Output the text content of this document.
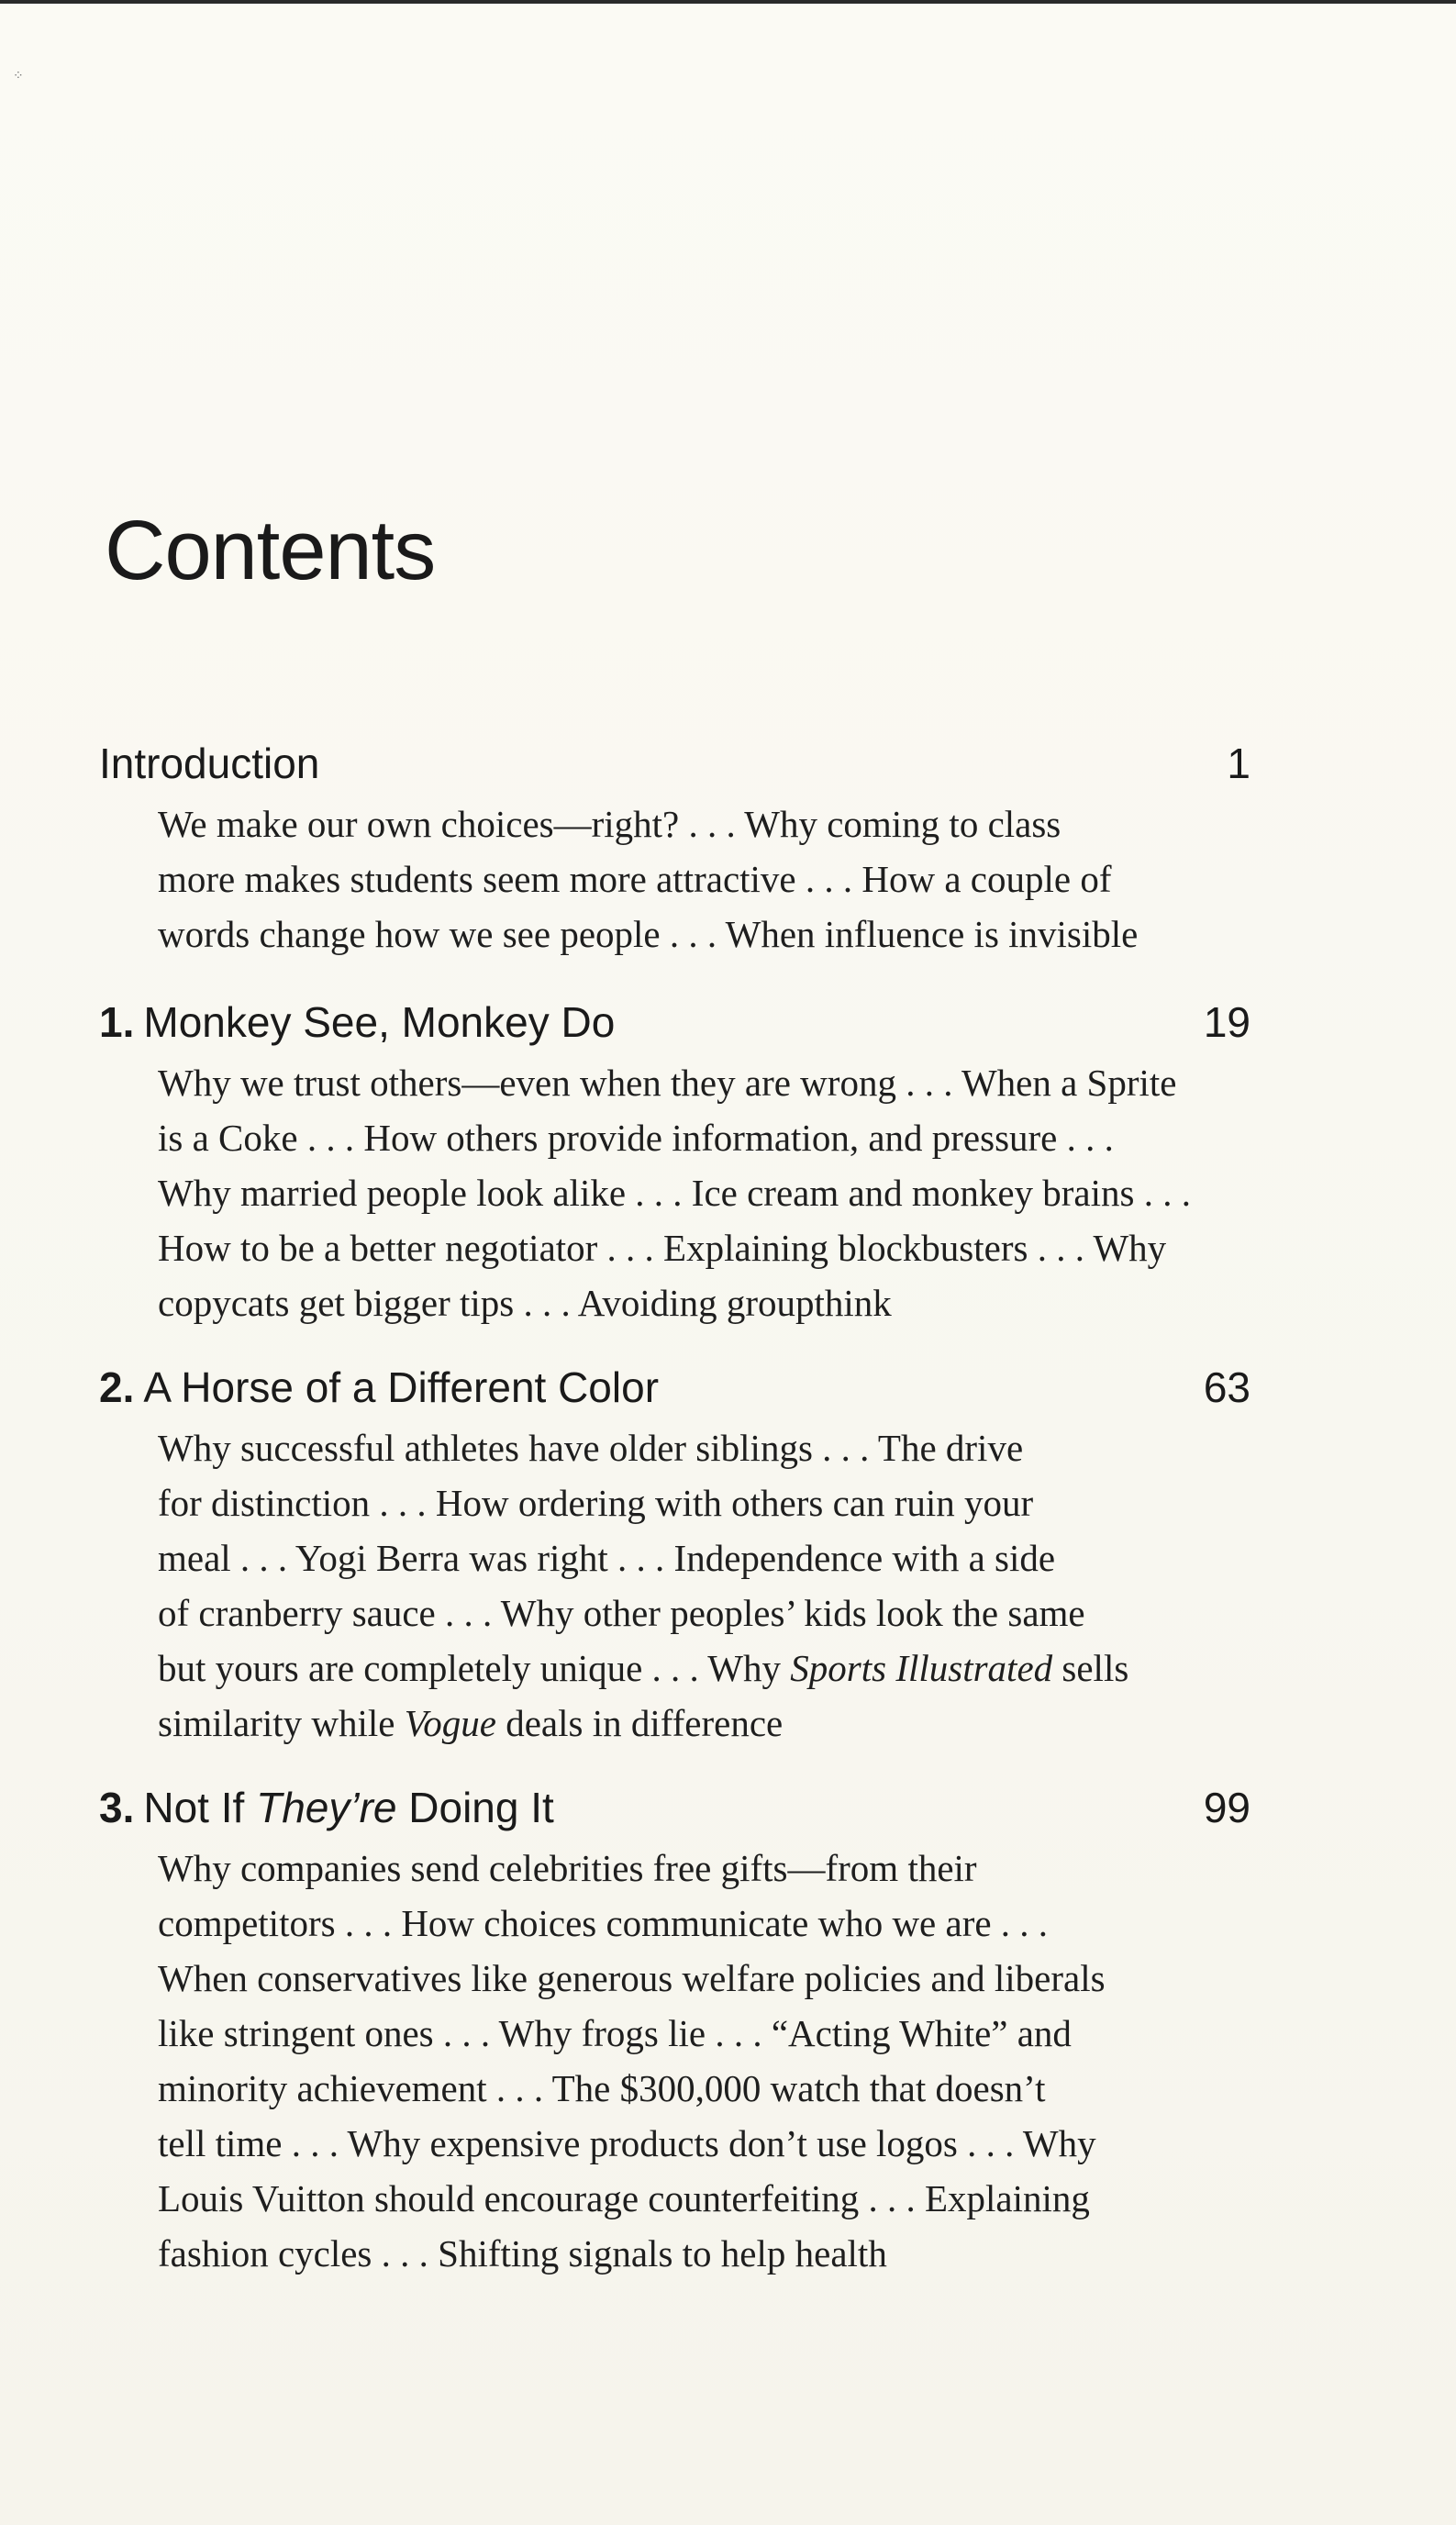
⁘
Contents
Introduction	1

We make our own choices—right? . . . Why coming to class
more makes students seem more attractive . . . How a couple of
words change how we see people . . . When influence is invisible

1. Monkey See, Monkey Do	19

Why we trust others—even when they are wrong . . . When a Sprite
is a Coke . . . How others provide information, and pressure . . .
Why married people look alike . . . Ice cream and monkey brains . . .
How to be a better negotiator . . . Explaining blockbusters . . . Why
copycats get bigger tips . . . Avoiding groupthink

2. A Horse of a Different Color	63

Why successful athletes have older siblings . . . The drive
for distinction . . . How ordering with others can ruin your
meal . . . Yogi Berra was right . . . Independence with a side
of cranberry sauce . . . Why other peoples’ kids look the same
but yours are completely unique . . . Why Sports Illustrated sells
similarity while Vogue deals in difference

3. Not If They’re Doing It	99

Why companies send celebrities free gifts—from their
competitors . . . How choices communicate who we are . . .
When conservatives like generous welfare policies and liberals
like stringent ones . . . Why frogs lie . . . “Acting White” and
minority achievement . . . The $300,000 watch that doesn’t
tell time . . . Why expensive products don’t use logos . . . Why
Louis Vuitton should encourage counterfeiting . . . Explaining
fashion cycles . . . Shifting signals to help health
